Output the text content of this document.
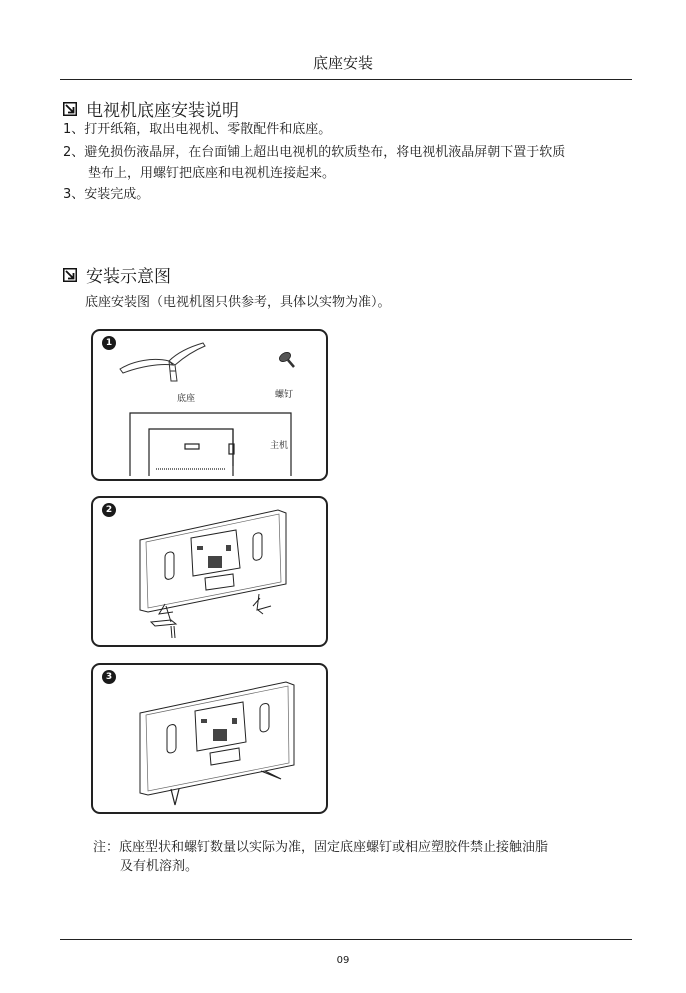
底座安装
电视机底座安装说明
1、打开纸箱，取出电视机、零散配件和底座。
2、避免损伤液晶屏，在台面铺上超出电视机的软质垫布，将电视机液晶屏朝下置于软质
垫布上，用螺钉把底座和电视机连接起来。
3、安装完成。
安装示意图
底座安装图（电视机图只供参考，具体以实物为准）。
1
底座	螺钉
主机
2
3
注：底座型状和螺钉数量以实际为准，固定底座螺钉或相应塑胶件禁止接触油脂
及有机溶剂。
09
